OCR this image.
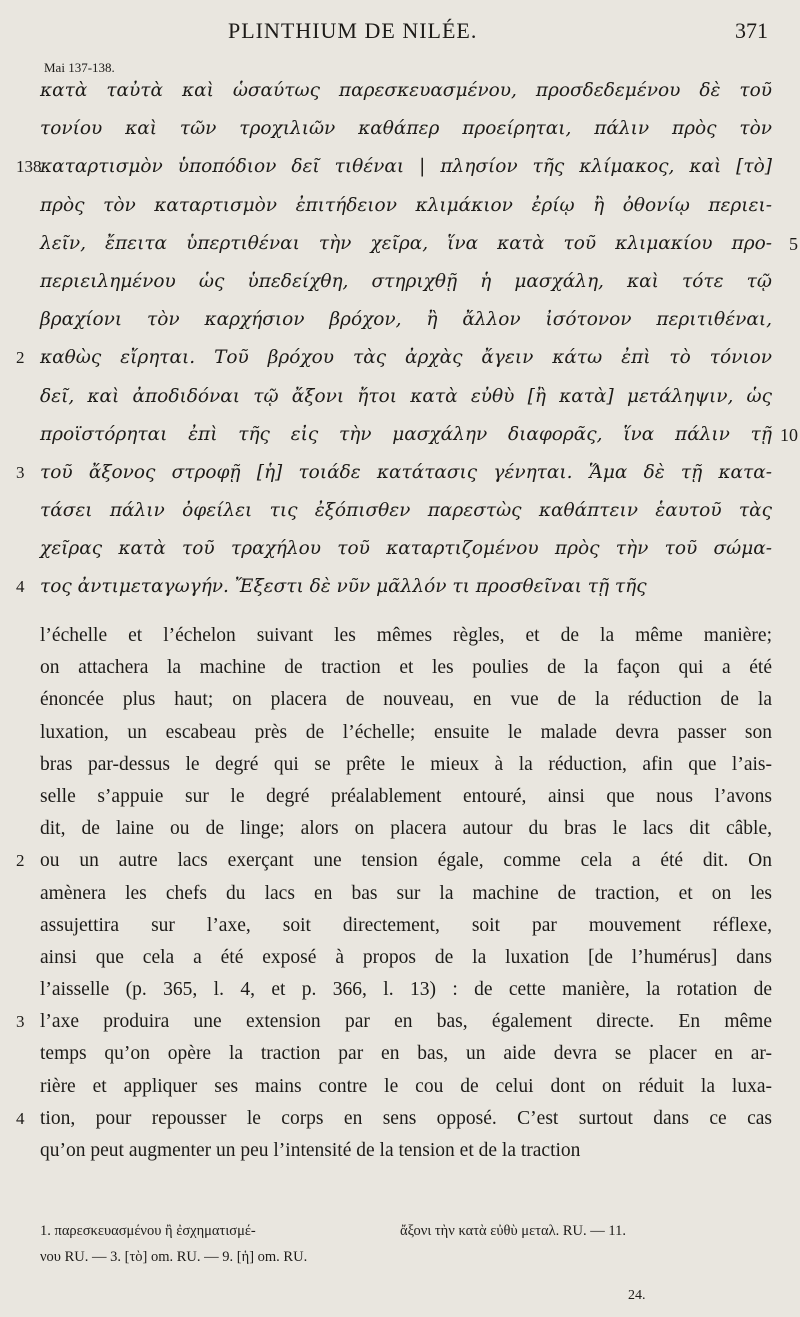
PLINTHIUM DE NILÉE.	371
Mai 137-138.
κατὰ ταὐτὰ καὶ ὡσαύτως παρεσκευασμένου, προσδεδεμένου δὲ τοῦ
τονίου καὶ τῶν τροχιλιῶν καθάπερ προείρηται, πάλιν πρὸς τὸν
138
καταρτισμὸν ὑποπόδιον δεῖ τιθέναι | πλησίον τῆς κλίμακος, καὶ [τὸ]
πρὸς τὸν καταρτισμὸν ἐπιτήδειον κλιμάκιον ἐρίῳ ἢ ὀθονίῳ περιει-
λεῖν, ἔπειτα ὑπερτιθέναι τὴν χεῖρα, ἵνα κατὰ τοῦ κλιμακίου προ- 5
περιειλημένου ὡς ὑπεδείχθη, στηριχθῇ ἡ μασχάλη, καὶ τότε τῷ
βραχίονι τὸν καρχήσιον βρόχον, ἢ ἄλλον ἰσότονον περιτιθέναι,
2 καθὼς εἴρηται. Τοῦ βρόχου τὰς ἀρχὰς ἄγειν κάτω ἐπὶ τὸ τόνιον
δεῖ, καὶ ἀποδιδόναι τῷ ἄξονι ἤτοι κατὰ εὐθὺ [ἢ κατὰ] μετάληψιν, ὡς
προϊστόρηται ἐπὶ τῆς εἰς τὴν μασχάλην διαφορᾶς, ἵνα πάλιν τῇ 10
3 τοῦ ἄξονος στροφῇ [ἡ] τοιάδε κατάτασις γένηται. Ἅμα δὲ τῇ κατα-
τάσει πάλιν ὀφείλει τις ἐξόπισθεν παρεστὼς καθάπτειν ἑαυτοῦ τὰς
χεῖρας κατὰ τοῦ τραχήλου τοῦ καταρτιζομένου πρὸς τὴν τοῦ σώμα-
4 τος ἀντιμεταγωγήν. Ἔξεστι δὲ νῦν μᾶλλόν τι προσθεῖναι τῇ τῆς
l’échelle et l’échelon suivant les mêmes règles, et de la même manière;
on attachera la machine de traction et les poulies de la façon qui a été
énoncée plus haut; on placera de nouveau, en vue de la réduction de la
luxation, un escabeau près de l’échelle; ensuite le malade devra passer son
bras par-dessus le degré qui se prête le mieux à la réduction, afin que l’ais-
selle s’appuie sur le degré préalablement entouré, ainsi que nous l’avons
dit, de laine ou de linge; alors on placera autour du bras le lacs dit câble,
2 ou un autre lacs exerçant une tension égale, comme cela a été dit. On
amènera les chefs du lacs en bas sur la machine de traction, et on les
assujettira sur l’axe, soit directement, soit par mouvement réflexe,
ainsi que cela a été exposé à propos de la luxation [de l’humérus] dans
l’aisselle (p. 365, l. 4, et p. 366, l. 13) : de cette manière, la rotation de
3 l’axe produira une extension par en bas, également directe. En même
temps qu’on opère la traction par en bas, un aide devra se placer en ar-
rière et appliquer ses mains contre le cou de celui dont on réduit la luxa-
4 tion, pour repousser le corps en sens opposé. C’est surtout dans ce cas
qu’on peut augmenter un peu l’intensité de la tension et de la traction
1. παρεσκευασμένου ἢ ἐσχηματισμέ-	ἄξονι τὴν κατὰ εὐθὺ μεταλ. RU. — 11.
νου RU. — 3. [τὸ] om. RU. — 9. [ἡ] om. RU.
24.
